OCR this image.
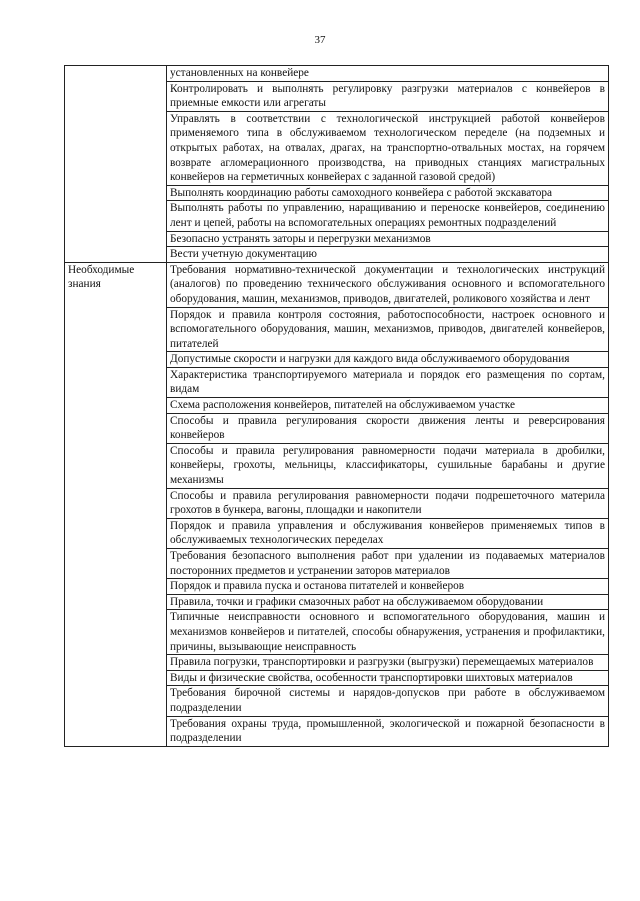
37
	установленных на конвейере
	Контролировать и выполнять регулировку разгрузки материалов с конвейеров в приемные емкости или агрегаты
	Управлять в соответствии с технологической инструкцией работой конвейеров применяемого типа в обслуживаемом технологическом переделе (на подземных и открытых работах, на отвалах, драгах, на транспортно-отвальных мостах, на горячем возврате агломерационного производства, на приводных станциях магистральных конвейеров на герметичных конвейерах с заданной газовой средой)
	Выполнять координацию работы самоходного конвейера с работой экскаватора
	Выполнять работы по управлению, наращиванию и переноске конвейеров, соединению лент и цепей, работы на вспомогательных операциях ремонтных подразделений
	Безопасно устранять заторы и перегрузки механизмов
	Вести учетную документацию
Необходимые знания	Требования нормативно-технической документации и технологических инструкций (аналогов) по проведению технического обслуживания основного и вспомогательного оборудования, машин, механизмов, приводов, двигателей, роликового хозяйства и лент
	Порядок и правила контроля состояния, работоспособности, настроек основного и вспомогательного оборудования, машин, механизмов, приводов, двигателей конвейеров, питателей
	Допустимые скорости и нагрузки для каждого вида обслуживаемого оборудования
	Характеристика транспортируемого материала и порядок его размещения по сортам, видам
	Схема расположения конвейеров, питателей на обслуживаемом участке
	Способы и правила регулирования скорости движения ленты и реверсирования конвейеров
	Способы и правила регулирования равномерности подачи материала в дробилки, конвейеры, грохоты, мельницы, классификаторы, сушильные барабаны и другие механизмы
	Способы и правила регулирования равномерности подачи подрешеточного материла грохотов в бункера, вагоны, площадки и накопители
	Порядок и правила управления и обслуживания конвейеров применяемых типов в обслуживаемых технологических переделах
	Требования безопасного выполнения работ при удалении из подаваемых материалов посторонних предметов и устранении заторов материалов
	Порядок и правила пуска и останова питателей и конвейеров
	Правила, точки и графики смазочных работ на обслуживаемом оборудовании
	Типичные неисправности основного и вспомогательного оборудования, машин и механизмов конвейеров и питателей, способы обнаружения, устранения и профилактики, причины, вызывающие неисправность
	Правила погрузки, транспортировки и разгрузки (выгрузки) перемещаемых материалов
	Виды и физические свойства, особенности транспортировки шихтовых материалов
	Требования бирочной системы и нарядов-допусков при работе в обслуживаемом подразделении
	Требования охраны труда, промышленной, экологической и пожарной безопасности в подразделении
